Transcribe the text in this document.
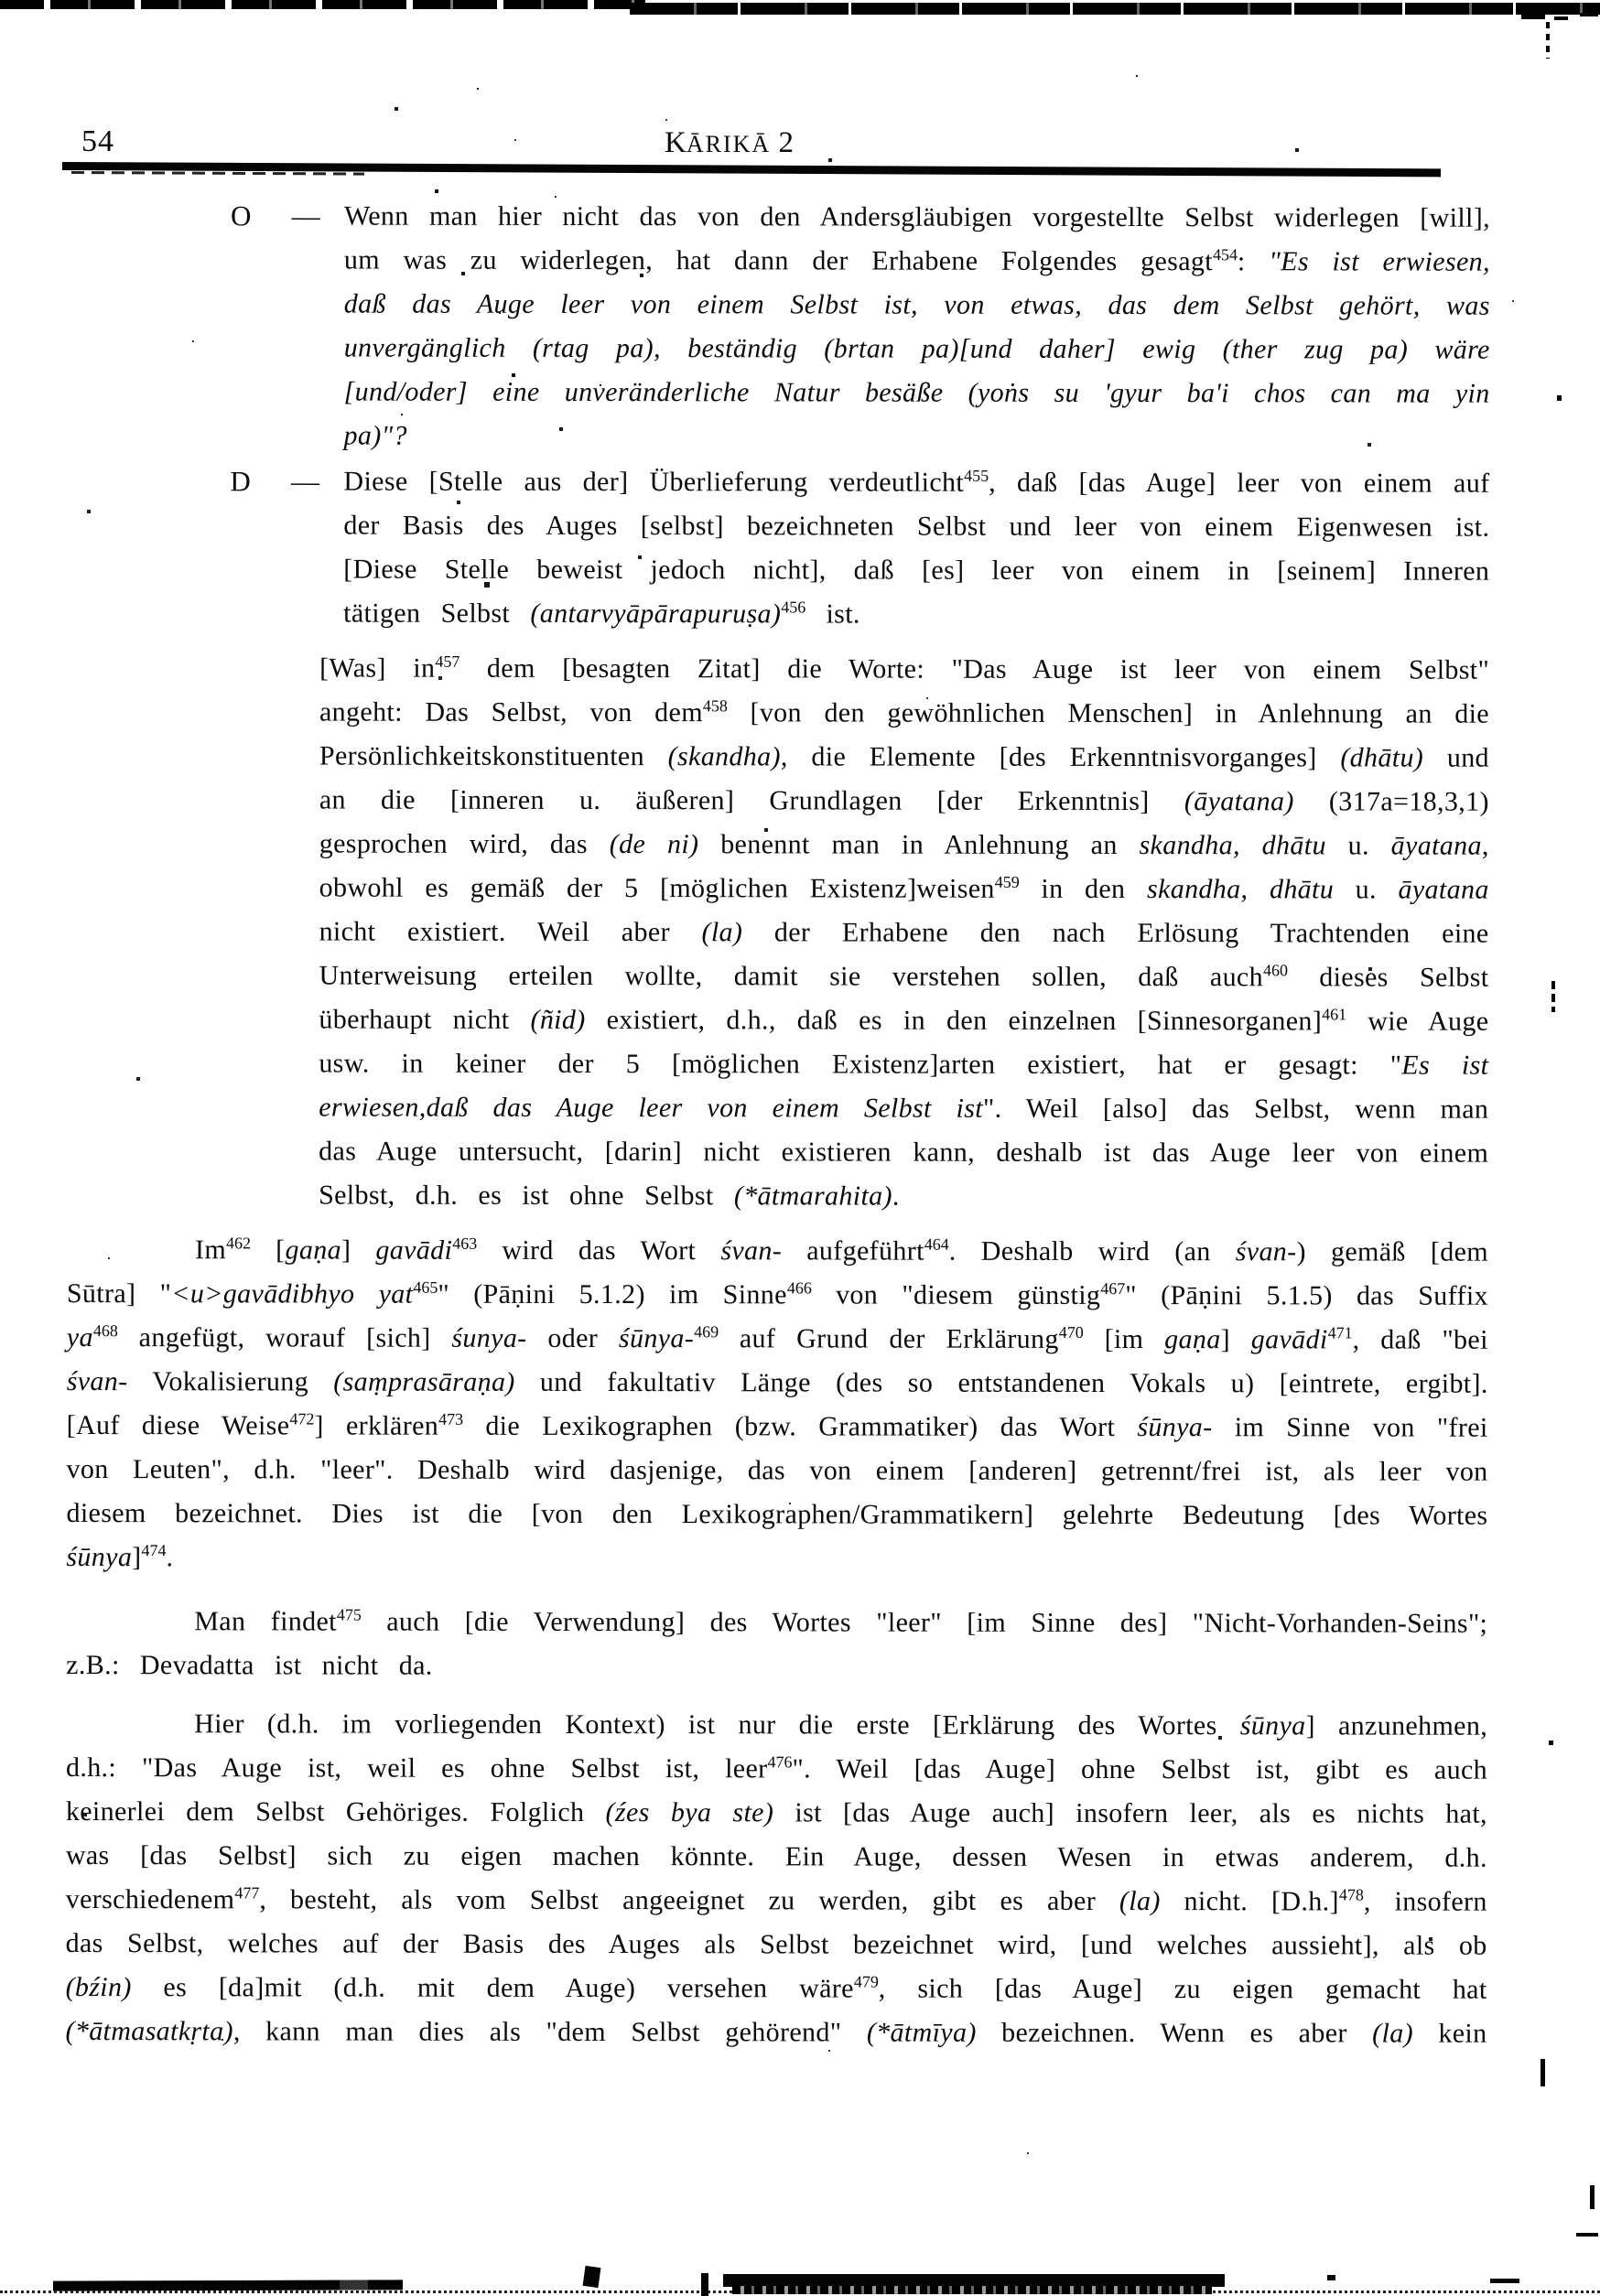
54	KĀRIKĀ 2
O — Wenn man hier nicht das von den Andersgläubigen vorgestellte Selbst widerlegen [will], um was zu widerlegen, hat dann der Erhabene Folgendes gesagt$^{454}$: "Es ist erwiesen, daß das Auge leer von einem Selbst ist, von etwas, das dem Selbst gehört, was unvergänglich (rtag pa), beständig (brtan pa)[und daher] ewig (ther zug pa) wäre [und/oder] eine unveränderliche Natur besäße (yoṅs su 'gyur ba'i chos can ma yin pa)"?
D — Diese [Stelle aus der] Überlieferung verdeutlicht$^{455}$, daß [das Auge] leer von einem auf der Basis des Auges [selbst] bezeichneten Selbst und leer von einem Eigenwesen ist. [Diese Stelle beweist jedoch nicht], daß [es] leer von einem in [seinem] Inneren tätigen Selbst (antarvyāpārapuruṣa)$^{456}$ ist.
[Was] $in^{457}$ dem [besagten Zitat] die Worte: "Das Auge ist leer von einem Selbst" angeht: Das Selbst, von dem$^{458}$ [von den gewöhnlichen Menschen] in Anlehnung an die Persönlichkeitskonstituenten (skandha), die Elemente [des Erkenntnisvorganges] (dhātu) und an die [inneren u. äußeren] Grundlagen [der Erkenntnis] (āyatana) (317a=18,3,1) gesprochen wird, das (de ni) benennt man in Anlehnung an skandha, dhātu u. āyatana, obwohl es gemäß der 5 [möglichen Existenz]weisen$^{459}$ in den skandha, dhātu u. āyatana nicht existiert. Weil aber (la) der Erhabene den nach Erlösung Trachtenden eine Unterweisung erteilen wollte, damit sie verstehen sollen, daß auch$^{460}$ dieses Selbst überhaupt nicht (ñid) existiert, d.h., daß es in den einzelnen [Sinnesorganen]$^{461}$ wie Auge usw. in keiner der 5 [möglichen Existenz]arten existiert, hat er gesagt: "Es ist erwiesen,daß das Auge leer von einem Selbst ist". Weil [also] das Selbst, wenn man das Auge untersucht, [darin] nicht existieren kann, deshalb ist das Auge leer von einem Selbst, d.h. es ist ohne Selbst (*ātmarahita).
Im$^{462}$ [gaṇa] gavādi$^{463}$ wird das Wort śvan- aufgeführt$^{464}$. Deshalb wird (an śvan-) gemäß [dem Sūtra] "<u>gavādibhyo yat$^{465}$" (Pāṇini 5.1.2) im Sinne$^{466}$ von "diesem günstig$^{467}$" (Pāṇini 5.1.5) das Suffix $ya^{468}$ angefügt, worauf [sich] śunya- oder śūnya-$^{469}$ auf Grund der Erklärung$^{470}$ [im gaṇa] gavādi$^{471}$, daß "bei śvan- Vokalisierung (saṃprasāraṇa) und fakultativ Länge (des so entstandenen Vokals u) [eintrete, ergibt]. [Auf diese Weise$^{472}$] erklären$^{473}$ die Lexikographen (bzw. Grammatiker) das Wort śūnya- im Sinne von "frei von Leuten", d.h. "leer". Deshalb wird dasjenige, das von einem [anderen] getrennt/frei ist, als leer von diesem bezeichnet. Dies ist die [von den Lexikographen/Grammatikern] gelehrte Bedeutung [des Wortes śūnya]$^{474}$.
Man findet$^{475}$ auch [die Verwendung] des Wortes "leer" [im Sinne des] "Nicht-Vorhanden-Seins"; z.B.: Devadatta ist nicht da.
Hier (d.h. im vorliegenden Kontext) ist nur die erste [Erklärung des Wortes śūnya] anzunehmen, d.h.: "Das Auge ist, weil es ohne Selbst ist, leer$^{476}$". Weil [das Auge] ohne Selbst ist, gibt es auch keinerlei dem Selbst Gehöriges. Folglich (źes bya ste) ist [das Auge auch] insofern leer, als es nichts hat, was [das Selbst] sich zu eigen machen könnte. Ein Auge, dessen Wesen in etwas anderem, d.h. verschiedenem$^{477}$, besteht, als vom Selbst angeeignet zu werden, gibt es aber (la) nicht. $[D.h.]^{478}$, insofern das Selbst, welches auf der Basis des Auges als Selbst bezeichnet wird, [und welches aussieht], als ob (bźin) es [da]mit (d.h. mit dem Auge) versehen wäre$^{479}$, sich [das Auge] zu eigen gemacht hat (*ātmasatkṛta), kann man dies als "dem Selbst gehörend" (*ātmīya) bezeichnen. Wenn es aber (la) kein
